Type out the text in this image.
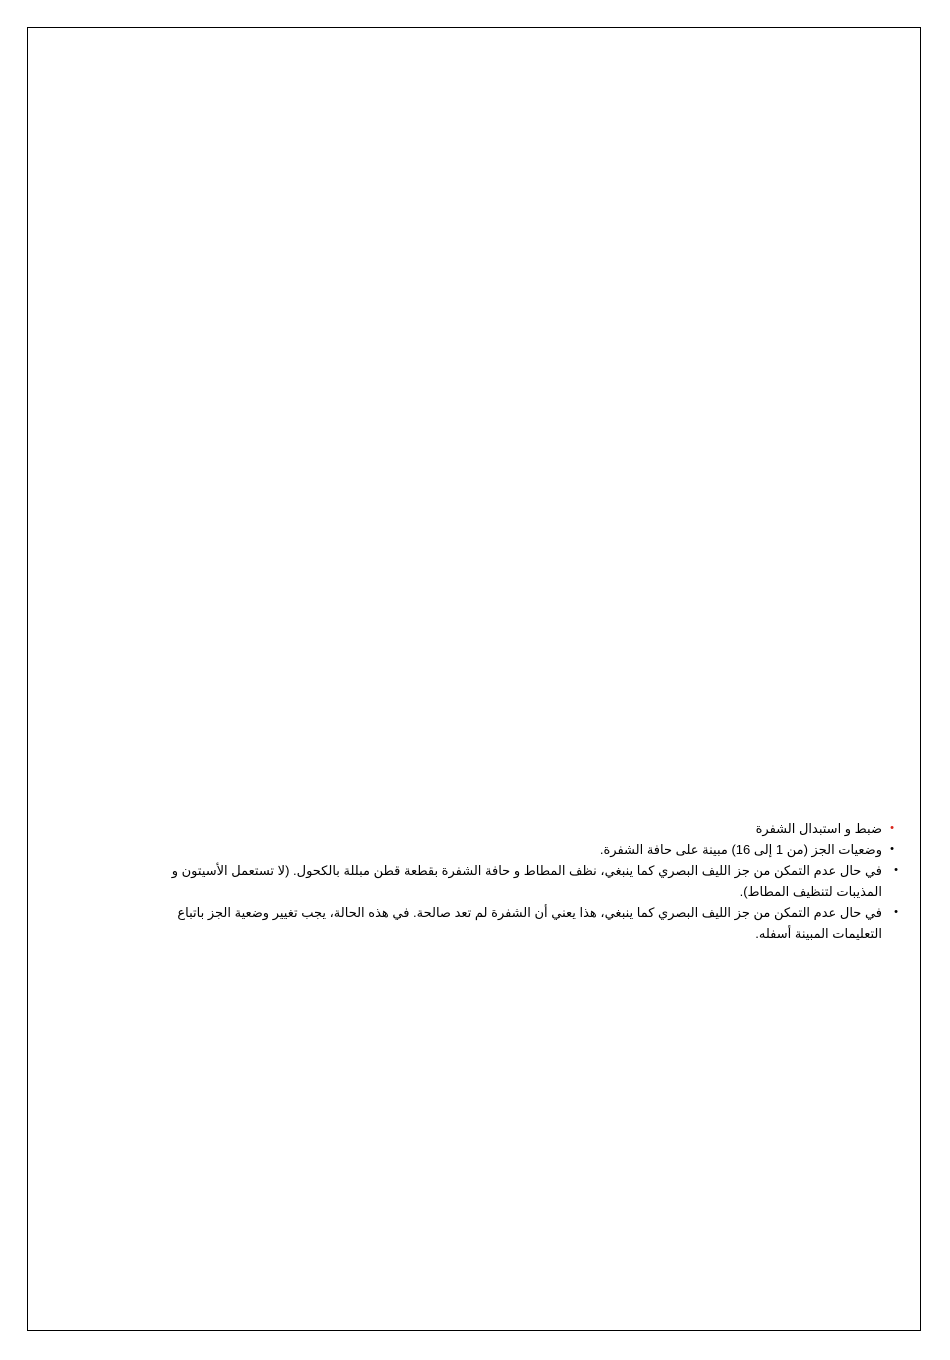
•
ضبط و استبدال الشفرة

•
وضعيات الجز (من 1 إلى 16) مبينة على حافة الشفرة.

•
في حال عدم التمكن من جز الليف البصري كما ينبغي، نظف المطاط و حافة الشفرة بقطعة قطن مبللة بالكحول. (لا تستعمل الأسيتون و
المذيبات لتنظيف المطاط).

•
في حال عدم التمكن من جز الليف البصري كما ينبغي، هذا يعني أن الشفرة لم تعد صالحة. في هذه الحالة، يجب تغيير وضعية الجز باتباع
التعليمات المبينة أسفله.
